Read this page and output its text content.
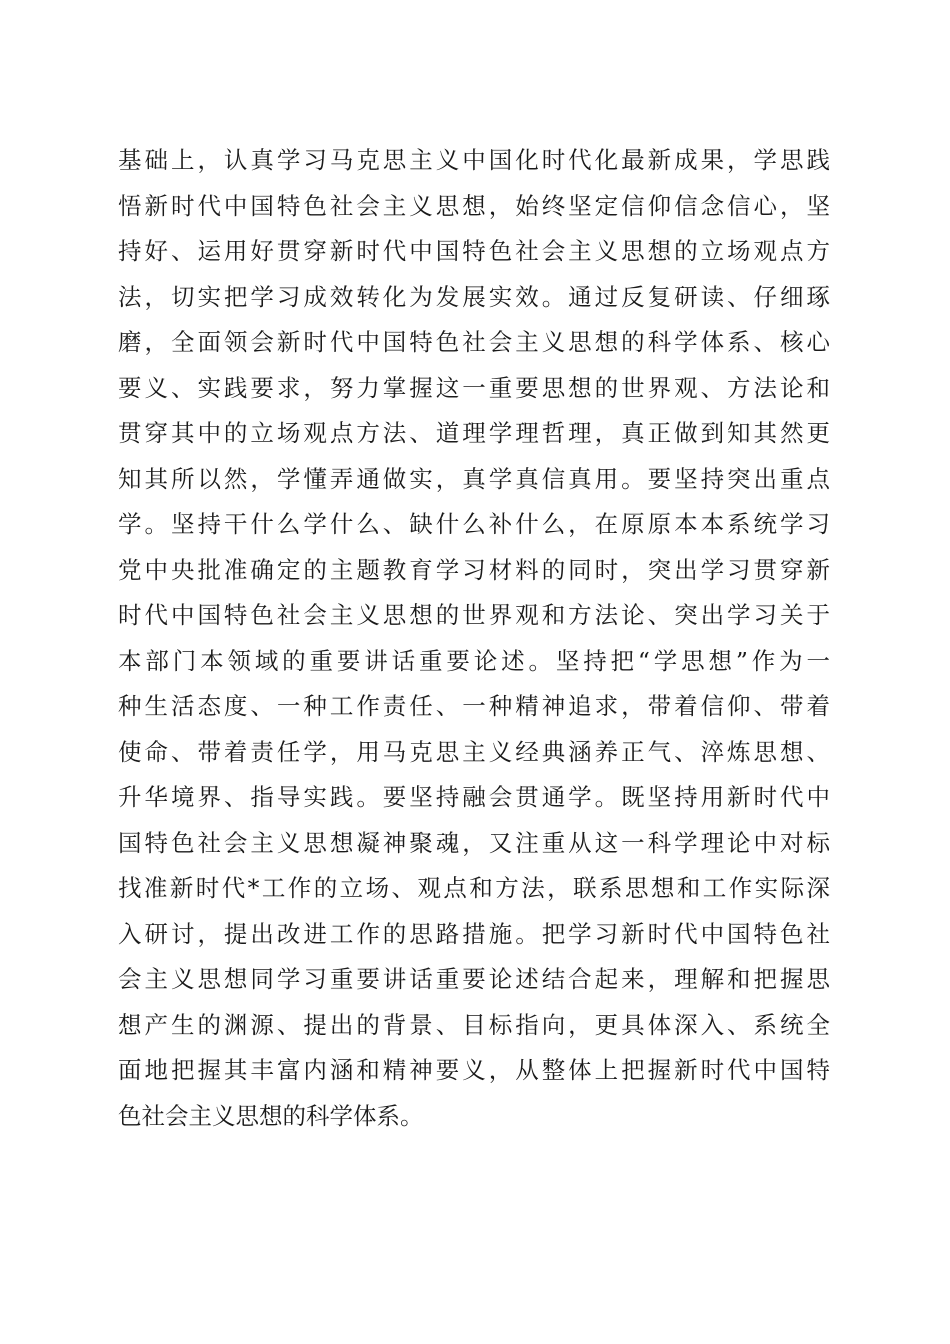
基础上，认真学习马克思主义中国化时代化最新成果，学思践
悟新时代中国特色社会主义思想，始终坚定信仰信念信心，坚
持好、运用好贯穿新时代中国特色社会主义思想的立场观点方
法，切实把学习成效转化为发展实效。通过反复研读、仔细琢
磨，全面领会新时代中国特色社会主义思想的科学体系、核心
要义、实践要求，努力掌握这一重要思想的世界观、方法论和
贯穿其中的立场观点方法、道理学理哲理，真正做到知其然更
知其所以然，学懂弄通做实，真学真信真用。要坚持突出重点
学。坚持干什么学什么、缺什么补什么，在原原本本系统学习
党中央批准确定的主题教育学习材料的同时，突出学习贯穿新
时代中国特色社会主义思想的世界观和方法论、突出学习关于
本部门本领域的重要讲话重要论述。坚持把“学思想”作为一
种生活态度、一种工作责任、一种精神追求，带着信仰、带着
使命、带着责任学，用马克思主义经典涵养正气、淬炼思想、
升华境界、指导实践。要坚持融会贯通学。既坚持用新时代中
国特色社会主义思想凝神聚魂，又注重从这一科学理论中对标
找准新时代*工作的立场、观点和方法，联系思想和工作实际深
入研讨，提出改进工作的思路措施。把学习新时代中国特色社
会主义思想同学习重要讲话重要论述结合起来，理解和把握思
想产生的渊源、提出的背景、目标指向，更具体深入、系统全
面地把握其丰富内涵和精神要义，从整体上把握新时代中国特
色社会主义思想的科学体系。
